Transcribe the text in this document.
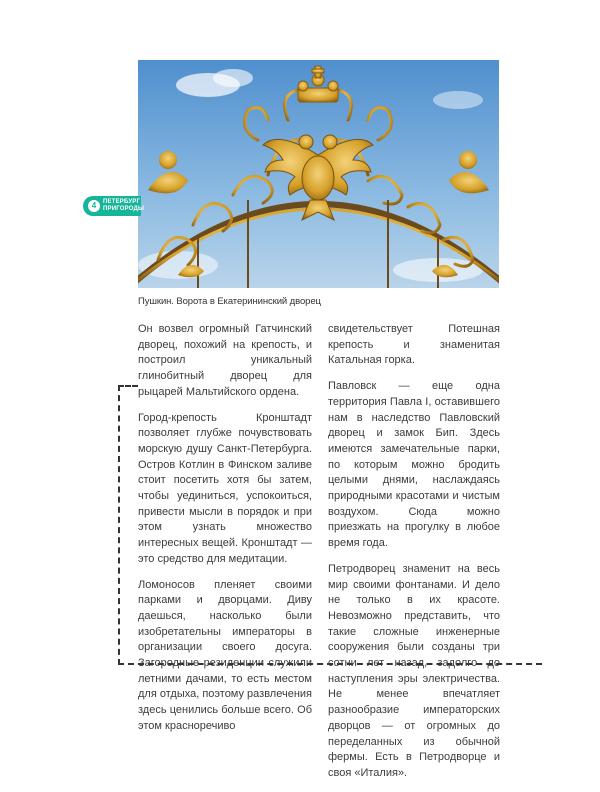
Пушкин. Ворота в Екатерининский дворец
4	ПЕТЕРБУРГ
ПРИГОРОДЫ

Он возвел огромный Гатчинский дворец, похожий на крепость, и построил уникальный глинобитный дворец для рыцарей Мальтийского ордена.

Город-крепость Кронштадт позволяет глубже почувствовать морскую душу Санкт-Петербурга. Остров Котлин в Финском заливе стоит посетить хотя бы затем, чтобы уединиться, успокоиться, привести мысли в порядок и при этом узнать множество интересных вещей. Кронштадт — это средство для медитации.

Ломоносов пленяет своими парками и дворцами. Диву даешься, насколько были изобретательны императоры в организации своего досуга. Загородные резиденции служили летними дачами, то есть местом для отдыха, поэтому развлечения здесь ценились больше всего. Об этом красноречиво

свидетельствует Потешная крепость и знаменитая Катальная горка.

Павловск — еще одна территория Павла I, оставившего нам в наследство Павловский дворец и замок Бип. Здесь имеются замечательные парки, по которым можно бродить целыми днями, наслаждаясь природными красотами и чистым воздухом. Сюда можно приезжать на прогулку в любое время года.

Петродворец знаменит на весь мир своими фонтанами. И дело не только в их красоте. Невозможно представить, что такие сложные инженерные сооружения были созданы три сотни лет назад, задолго до наступления эры электричества. Не менее впечатляет разнообразие императорских дворцов — от огромных до переделанных из обычной фермы. Есть в Петродворце и своя «Италия».
